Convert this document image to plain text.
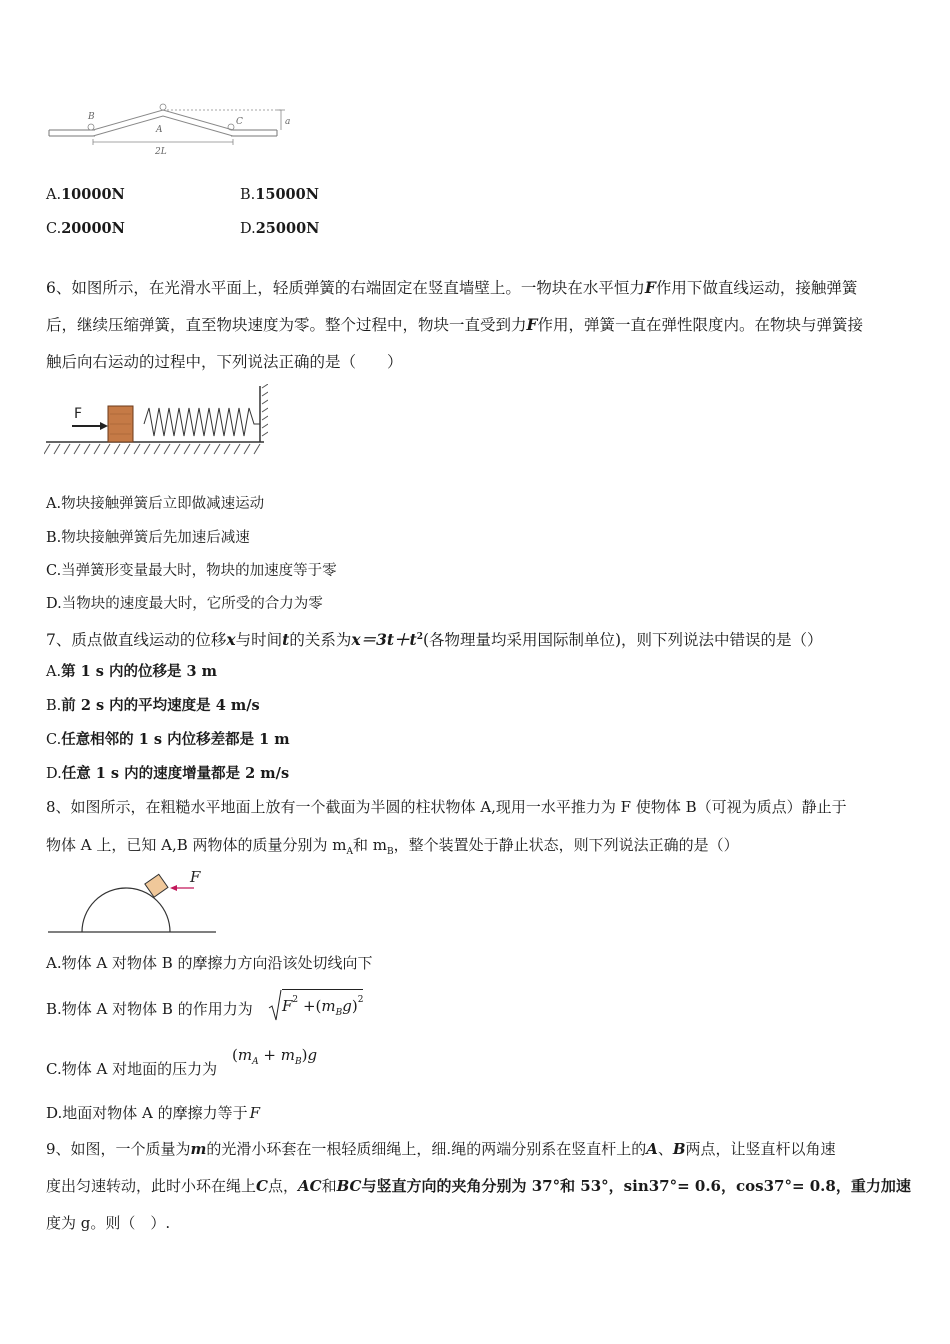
B
A
C	a
2L
A.10000N	B.15000N
C.20000N	D.25000N
6、如图所示，在光滑水平面上，轻质弹簧的右端固定在竖直墙壁上。一物块在水平恒力F作用下做直线运动，接触弹簧
后，继续压缩弹簧，直至物块速度为零。整个过程中，物块一直受到力F作用，弹簧一直在弹性限度内。在物块与弹簧接
触后向右运动的过程中，下列说法正确的是（　　）
F
A.物块接触弹簧后立即做减速运动
B.物块接触弹簧后先加速后减速
C.当弹簧形变量最大时，物块的加速度等于零
D.当物块的速度最大时，它所受的合力为零
7、质点做直线运动的位移x与时间t的关系为$x=3t+t^2$(各物理量均采用国际制单位)，则下列说法中错误的是（）
A.第 1 s 内的位移是 3 m
B.前 2 s 内的平均速度是 4 m/s
C.任意相邻的 1 s 内位移差都是 1 m
D.任意 1 s 内的速度增量都是 2 m/s
8、如图所示，在粗糙水平地面上放有一个截面为半圆的柱状物体 A,现用一水平推力为 F 使物体 B（可视为质点）静止于
物体 A 上，已知 A,B 两物体的质量分别为 $m_A$和 $m_B$，整个装置处于静止状态，则下列说法正确的是（）
F
A.物体 A 对物体 B 的摩擦力方向沿该处切线向下
B.物体 A 对物体 B 的作用力为 $F^2 +(m_Bg)^2$
C.物体 A 对地面的压力为
$(m_A + m_B)g$
D.地面对物体 A 的摩擦力等于 F
9、如图，一个质量为m的光滑小环套在一根轻质细绳上，细.绳的两端分别系在竖直杆上的A、B两点，让竖直杆以角速
度出匀速转动，此时小环在绳上C点，AC和BC与竖直方向的夹角分别为 37°和 53°，sin37°= 0.6，cos37°= 0.8，重力加速
度为 g。则（　）.
